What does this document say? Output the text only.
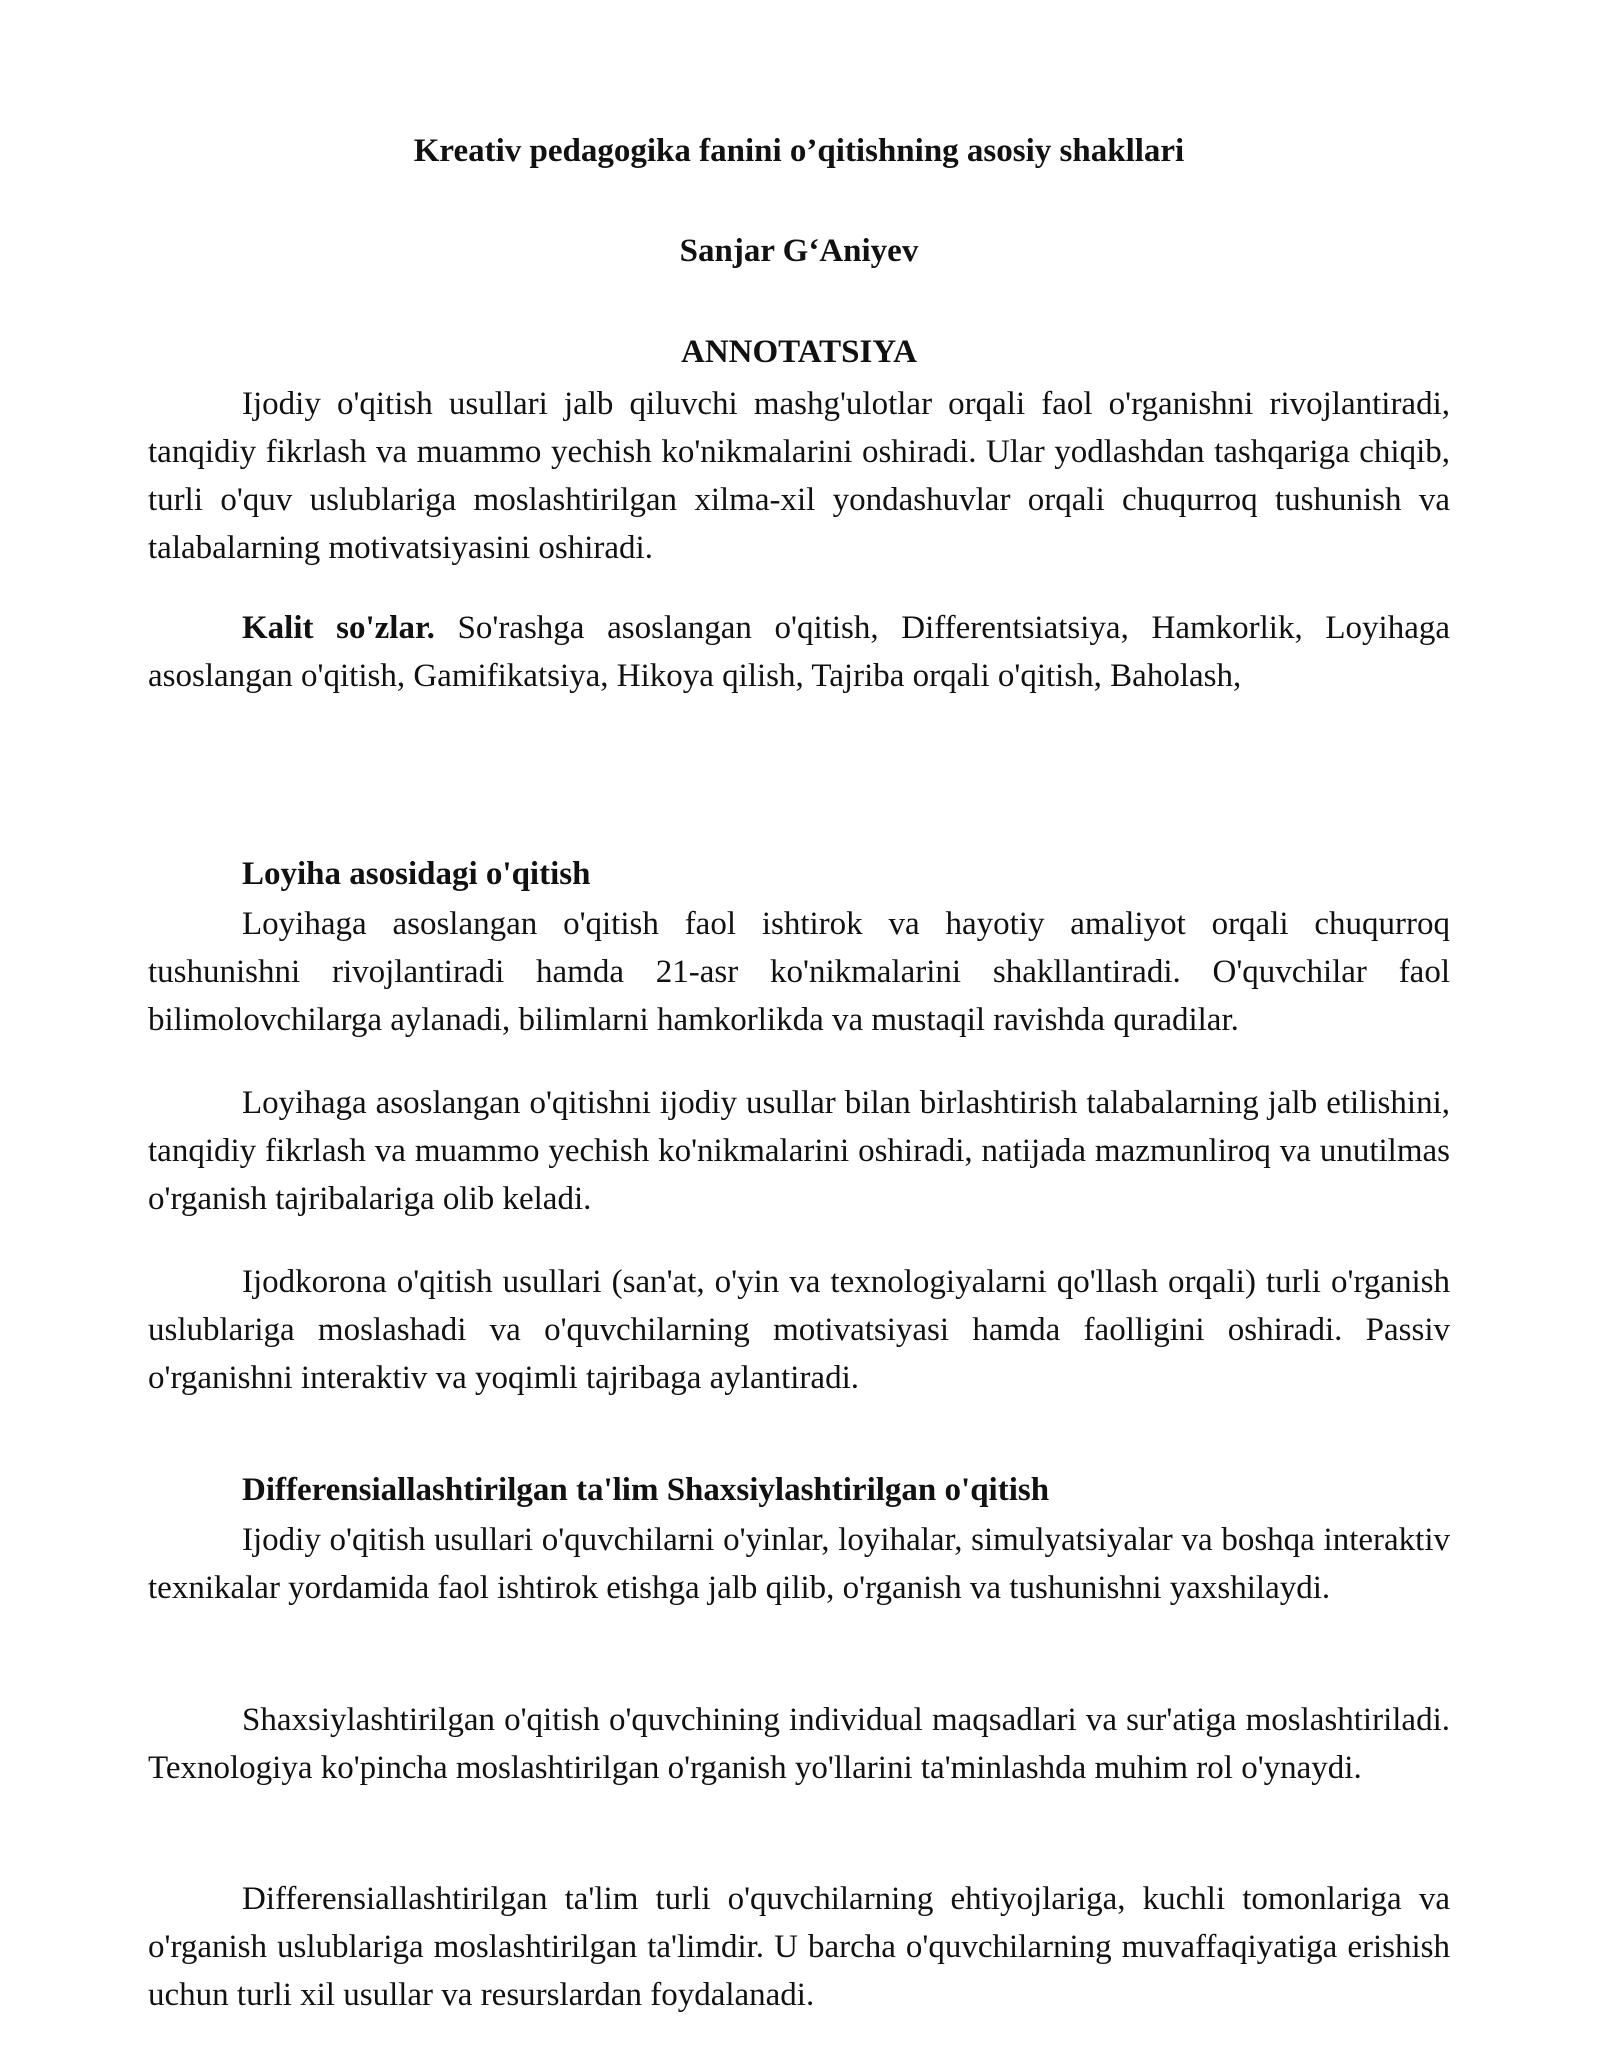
Kreativ pedagogika fanini o’qitishning asosiy shakllari
Sanjar G‘Aniyev
ANNOTATSIYA

Ijodiy o'qitish usullari jalb qiluvchi mashg'ulotlar orqali faol o'rganishni rivojlantiradi, tanqidiy fikrlash va muammo yechish ko'nikmalarini oshiradi. Ular yodlashdan tashqariga chiqib, turli o'quv uslublariga moslashtirilgan xilma-xil yondashuvlar orqali chuqurroq tushunish va talabalarning motivatsiyasini oshiradi.

Kalit so'zlar. So'rashga asoslangan o'qitish, Differentsiatsiya, Hamkorlik, Loyihaga asoslangan o'qitish, Gamifikatsiya, Hikoya qilish, Tajriba orqali o'qitish, Baholash,

Loyiha asosidagi o'qitish

Loyihaga asoslangan o'qitish faol ishtirok va hayotiy amaliyot orqali chuqurroq tushunishni rivojlantiradi hamda 21-asr ko'nikmalarini shakllantiradi. O'quvchilar faol bilimolovchilarga aylanadi, bilimlarni hamkorlikda va mustaqil ravishda quradilar.

Loyihaga asoslangan o'qitishni ijodiy usullar bilan birlashtirish talabalarning jalb etilishini, tanqidiy fikrlash va muammo yechish ko'nikmalarini oshiradi, natijada mazmunliroq va unutilmas o'rganish tajribalariga olib keladi.

Ijodkorona o'qitish usullari (san'at, o'yin va texnologiyalarni qo'llash orqali) turli o'rganish uslublariga moslashadi va o'quvchilarning motivatsiyasi hamda faolligini oshiradi. Passiv o'rganishni interaktiv va yoqimli tajribaga aylantiradi.

Differensiallashtirilgan ta'lim Shaxsiylashtirilgan o'qitish

Ijodiy o'qitish usullari o'quvchilarni o'yinlar, loyihalar, simulyatsiyalar va boshqa interaktiv texnikalar yordamida faol ishtirok etishga jalb qilib, o'rganish va tushunishni yaxshilaydi.

Shaxsiylashtirilgan o'qitish o'quvchining individual maqsadlari va sur'atiga moslashtiriladi. Texnologiya ko'pincha moslashtirilgan o'rganish yo'llarini ta'minlashda muhim rol o'ynaydi.

Differensiallashtirilgan ta'lim turli o'quvchilarning ehtiyojlariga, kuchli tomonlariga va o'rganish uslublariga moslashtirilgan ta'limdir. U barcha o'quvchilarning muvaffaqiyatiga erishish uchun turli xil usullar va resurslardan foydalanadi.
